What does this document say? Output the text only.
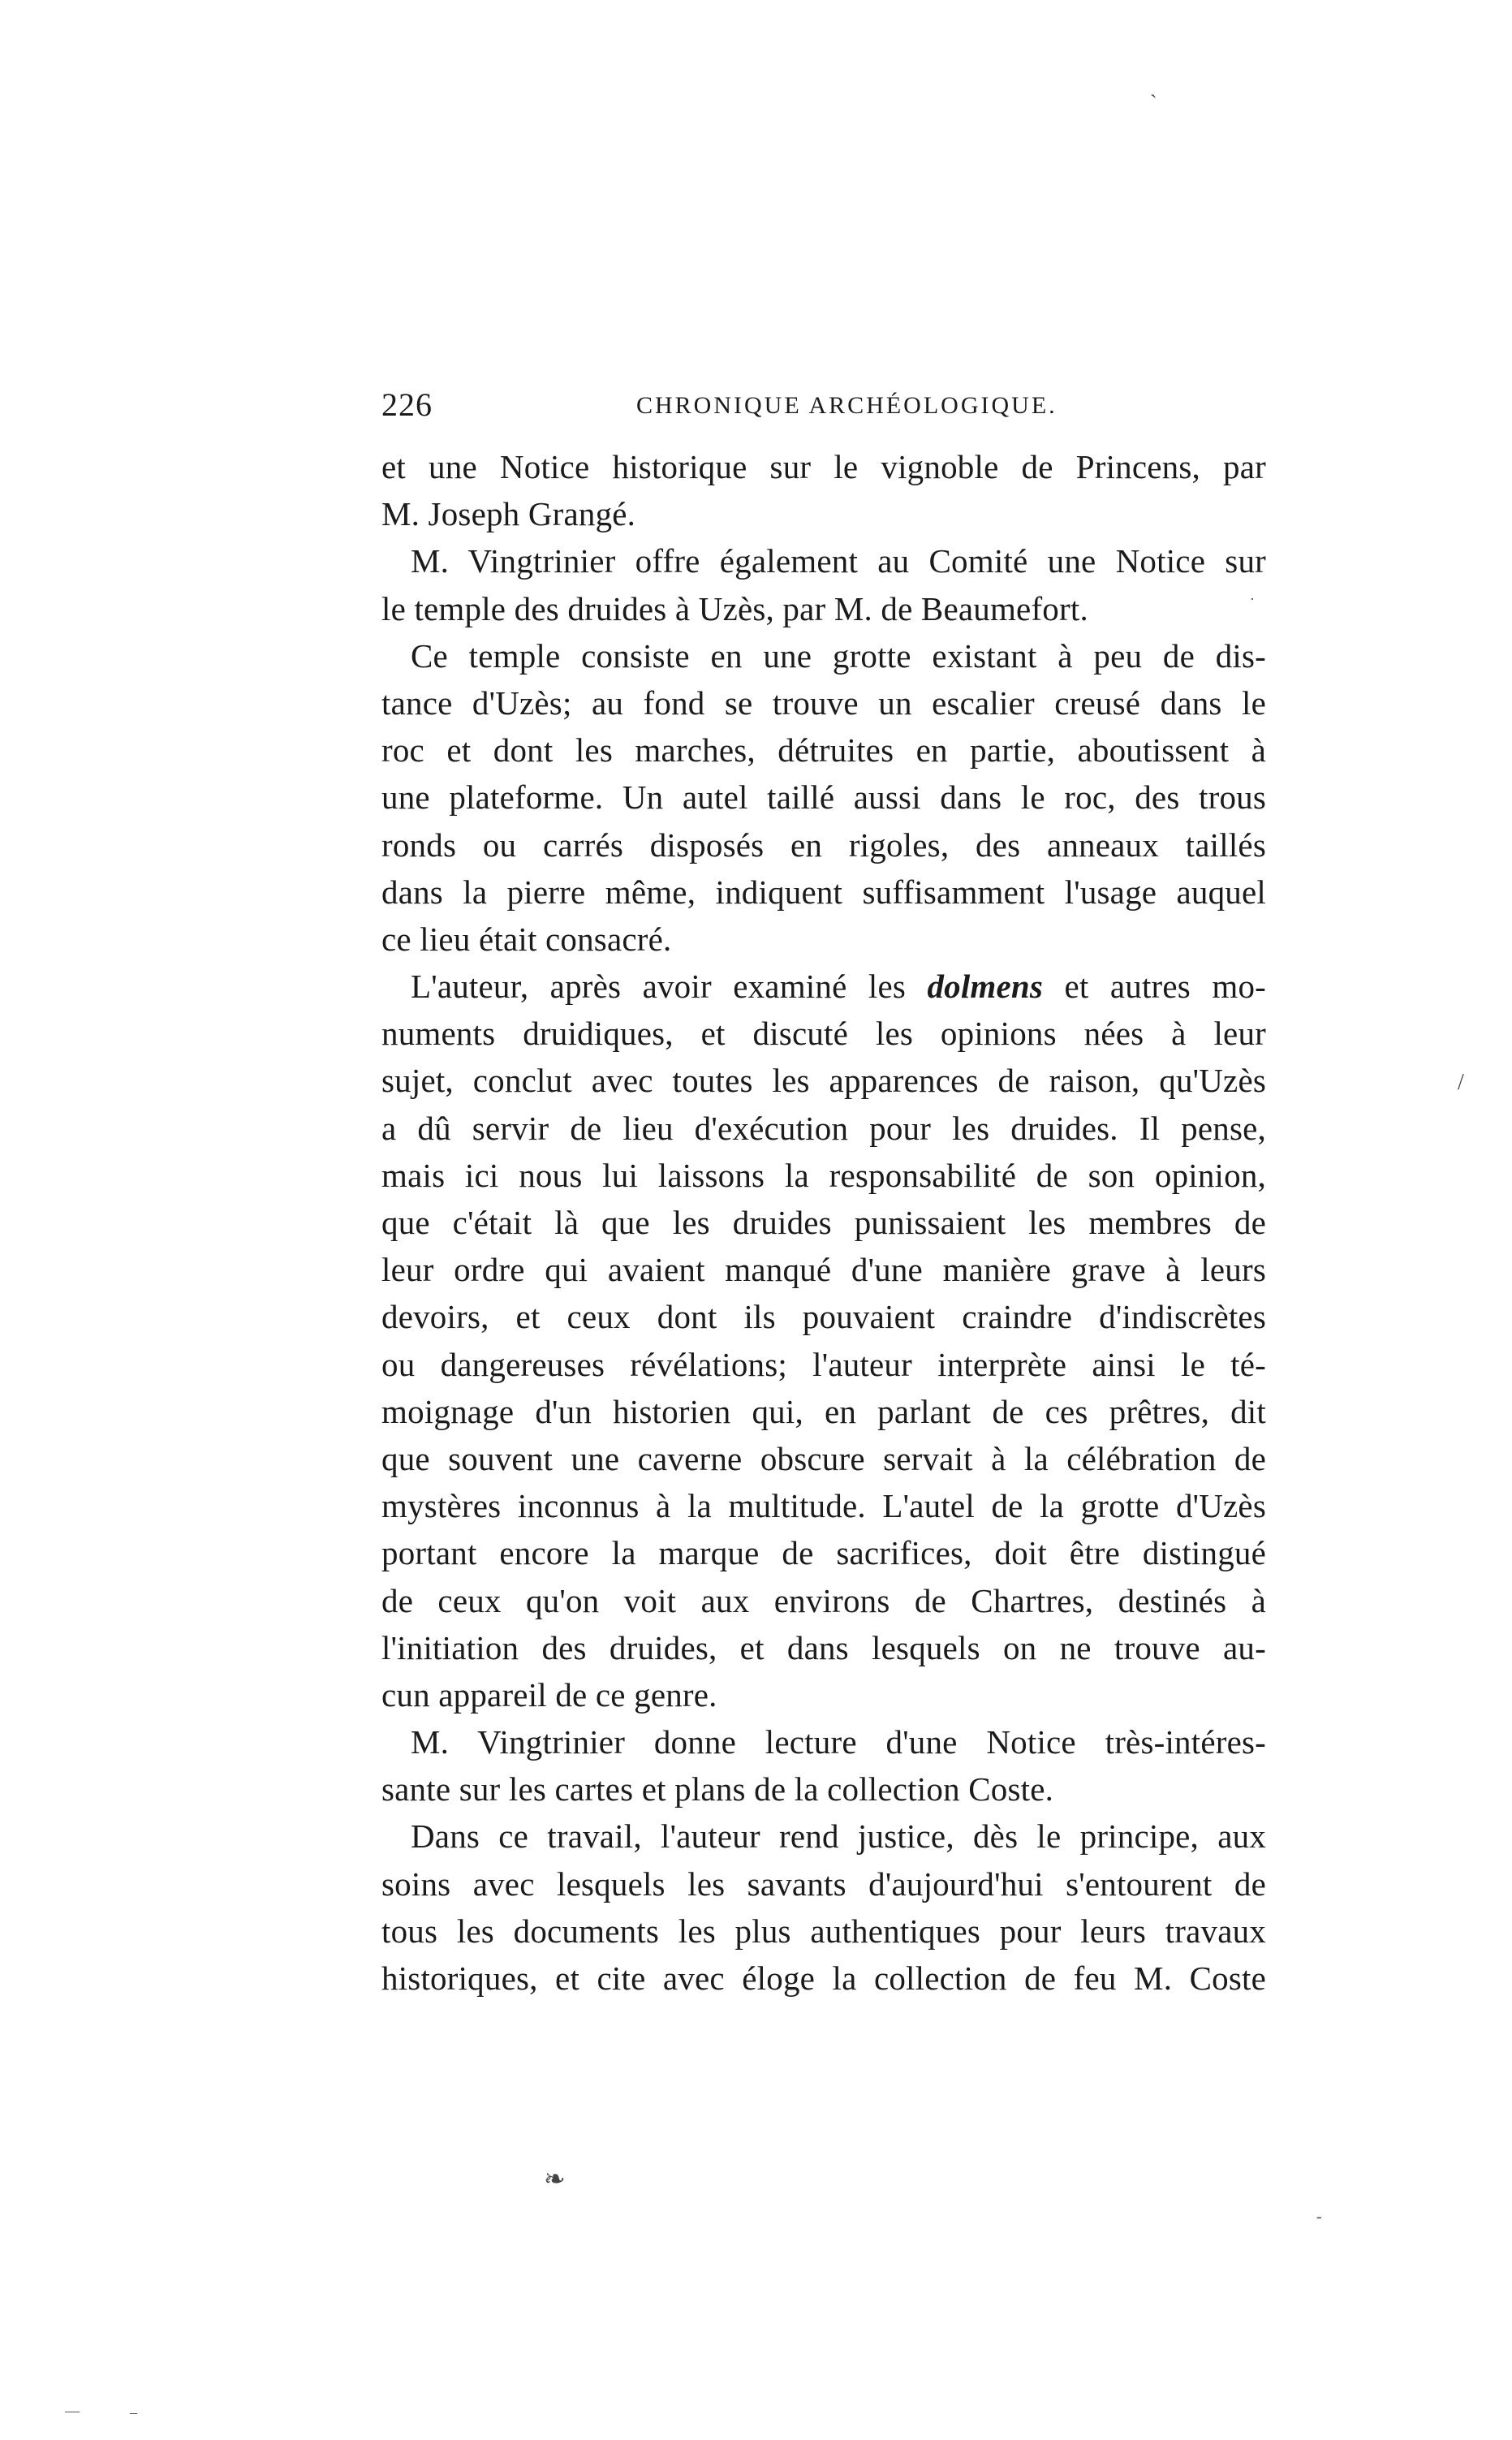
`
·
/
226	CHRONIQUE ARCHÉOLOGIQUE.
et une Notice historique sur le vignoble de Princens, par
M. Joseph Grangé.
M. Vingtrinier offre également au Comité une Notice sur
le temple des druides à Uzès, par M. de Beaumefort.
Ce temple consiste en une grotte existant à peu de dis-
tance d'Uzès; au fond se trouve un escalier creusé dans le
roc et dont les marches, détruites en partie, aboutissent à
une plateforme. Un autel taillé aussi dans le roc, des trous
ronds ou carrés disposés en rigoles, des anneaux taillés
dans la pierre même, indiquent suffisamment l'usage auquel
ce lieu était consacré.
L'auteur, après avoir examiné les dolmens et autres mo-
numents druidiques, et discuté les opinions nées à leur
sujet, conclut avec toutes les apparences de raison, qu'Uzès
a dû servir de lieu d'exécution pour les druides. Il pense,
mais ici nous lui laissons la responsabilité de son opinion,
que c'était là que les druides punissaient les membres de
leur ordre qui avaient manqué d'une manière grave à leurs
devoirs, et ceux dont ils pouvaient craindre d'indiscrètes
ou dangereuses révélations; l'auteur interprète ainsi le té-
moignage d'un historien qui, en parlant de ces prêtres, dit
que souvent une caverne obscure servait à la célébration de
mystères inconnus à la multitude. L'autel de la grotte d'Uzès
portant encore la marque de sacrifices, doit être distingué
de ceux qu'on voit aux environs de Chartres, destinés à
l'initiation des druides, et dans lesquels on ne trouve au-
cun appareil de ce genre.
M. Vingtrinier donne lecture d'une Notice très-intéres-
sante sur les cartes et plans de la collection Coste.
Dans ce travail, l'auteur rend justice, dès le principe, aux
soins avec lesquels les savants d'aujourd'hui s'entourent de
tous les documents les plus authentiques pour leurs travaux
historiques, et cite avec éloge la collection de feu M. Coste
❧
-
—	–
